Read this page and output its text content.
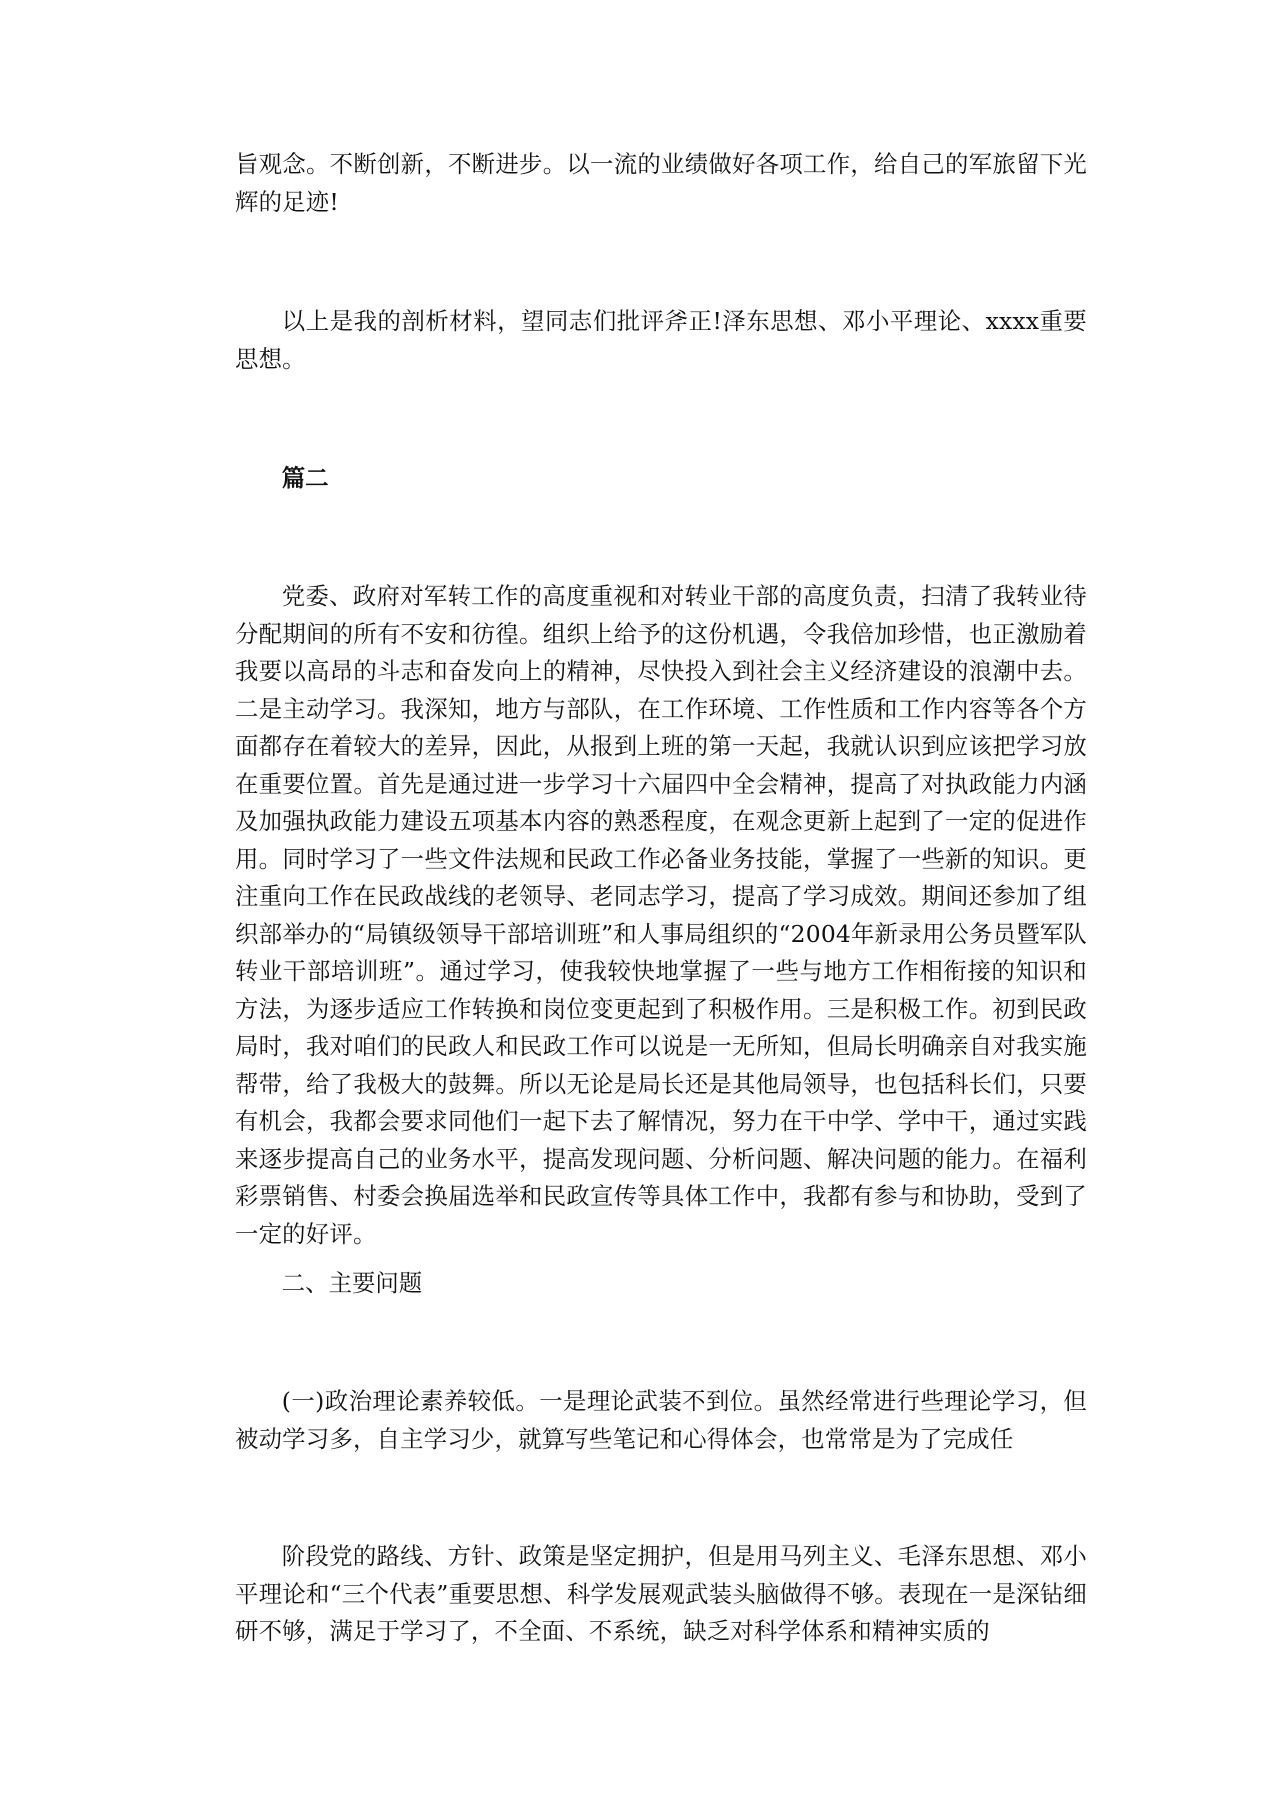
旨观念。不断创新，不断进步。以一流的业绩做好各项工作，给自己的军旅留下光辉的足迹!

以上是我的剖析材料，望同志们批评斧正!泽东思想、邓小平理论、xxxx重要思想。

篇二

党委、政府对军转工作的高度重视和对转业干部的高度负责，扫清了我转业待分配期间的所有不安和彷徨。组织上给予的这份机遇，令我倍加珍惜，也正激励着我要以高昂的斗志和奋发向上的精神，尽快投入到社会主义经济建设的浪潮中去。二是主动学习。我深知，地方与部队，在工作环境、工作性质和工作内容等各个方面都存在着较大的差异，因此，从报到上班的第一天起，我就认识到应该把学习放在重要位置。首先是通过进一步学习十六届四中全会精神，提高了对执政能力内涵及加强执政能力建设五项基本内容的熟悉程度，在观念更新上起到了一定的促进作用。同时学习了一些文件法规和民政工作必备业务技能，掌握了一些新的知识。更注重向工作在民政战线的老领导、老同志学习，提高了学习成效。期间还参加了组织部举办的“局镇级领导干部培训班”和人事局组织的“2004年新录用公务员暨军队转业干部培训班”。通过学习，使我较快地掌握了一些与地方工作相衔接的知识和方法，为逐步适应工作转换和岗位变更起到了积极作用。三是积极工作。初到民政局时，我对咱们的民政人和民政工作可以说是一无所知，但局长明确亲自对我实施帮带，给了我极大的鼓舞。所以无论是局长还是其他局领导，也包括科长们，只要有机会，我都会要求同他们一起下去了解情况，努力在干中学、学中干，通过实践来逐步提高自己的业务水平，提高发现问题、分析问题、解决问题的能力。在福利彩票销售、村委会换届选举和民政宣传等具体工作中，我都有参与和协助，受到了一定的好评。

二、主要问题

(一)政治理论素养较低。一是理论武装不到位。虽然经常进行些理论学习，但被动学习多，自主学习少，就算写些笔记和心得体会，也常常是为了完成任

阶段党的路线、方针、政策是坚定拥护，但是用马列主义、毛泽东思想、邓小平理论和“三个代表”重要思想、科学发展观武装头脑做得不够。表现在一是深钻细研不够，满足于学习了，不全面、不系统，缺乏对科学体系和精神实质的
